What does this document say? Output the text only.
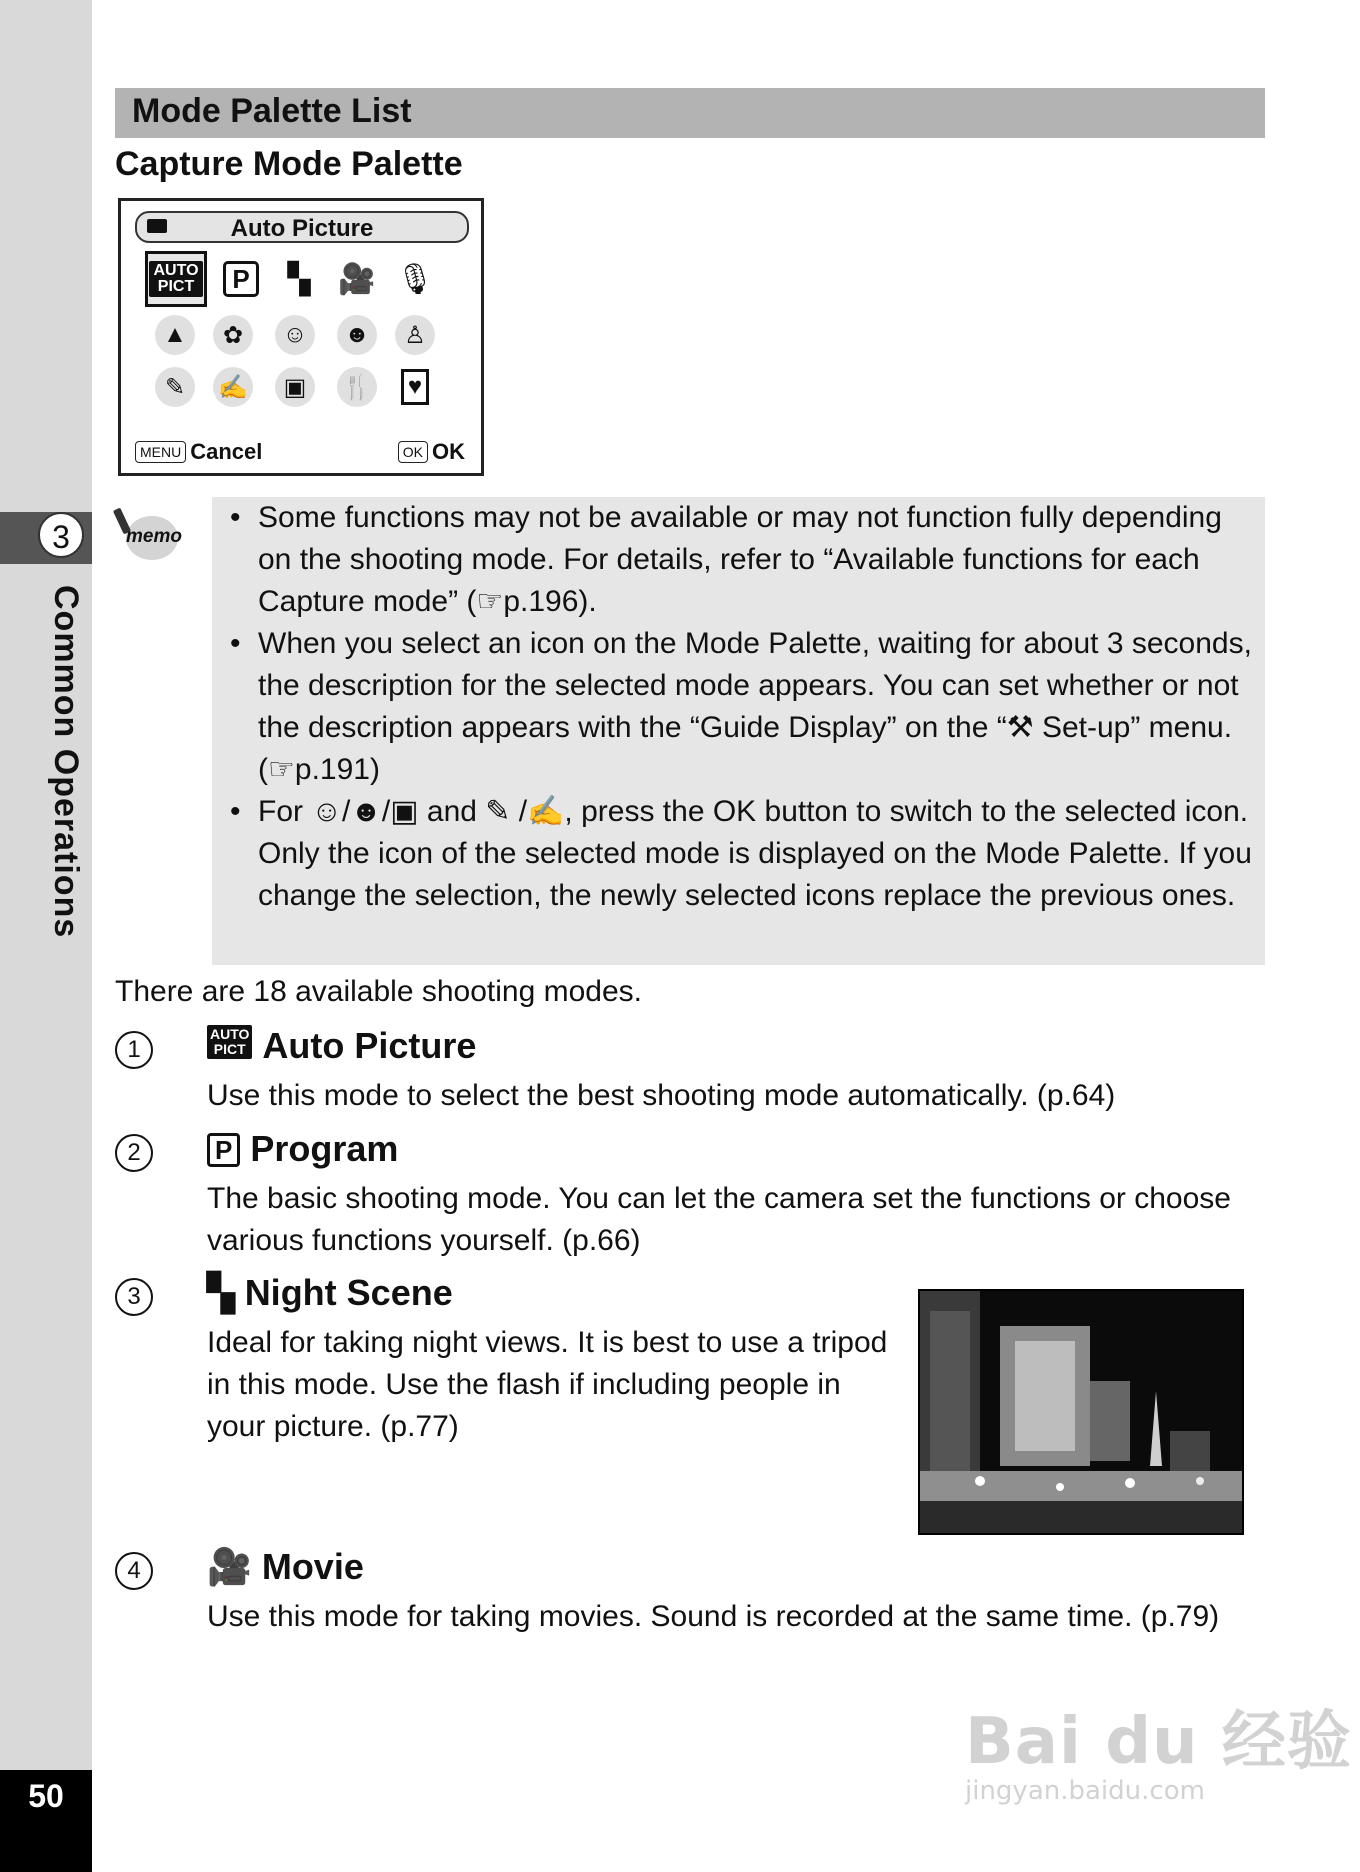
3
Common Operations
50
Mode Palette List
Capture Mode Palette
Auto Picture
AUTO
PICT	P	▚ 🎥 🎙
▲	✿	☺	☻	♙
✎	✍	▣	🍴 ♥
MENU Cancel	OK OK
memo
• Some functions may not be available or may not function fully depending on the shooting mode. For details, refer to “Available functions for each Capture mode” (☞p.196).
• When you select an icon on the Mode Palette, waiting for about 3 seconds, the description for the selected mode appears. You can set whether or not the description appears with the “Guide Display” on the “⚒ Set-up” menu. (☞p.191)
• For ☺/☻/▣ and ✎ /✍, press the OK button to switch to the selected icon. Only the icon of the selected mode is displayed on the Mode Palette. If you change the selection, the newly selected icons replace the previous ones.
There are 18 available shooting modes.
1
AUTO
PICT Auto Picture
Use this mode to select the best shooting mode automatically. (p.64)
2	P Program
The basic shooting mode. You can let the camera set the functions or choose various functions yourself. (p.66)
3	▚ Night Scene
Ideal for taking night views. It is best to use a tripod in this mode. Use the flash if including people in your picture. (p.77)
4	🎥 Movie
Use this mode for taking movies. Sound is recorded at the same time. (p.79)
Bai du 经验
jingyan.baidu.com
